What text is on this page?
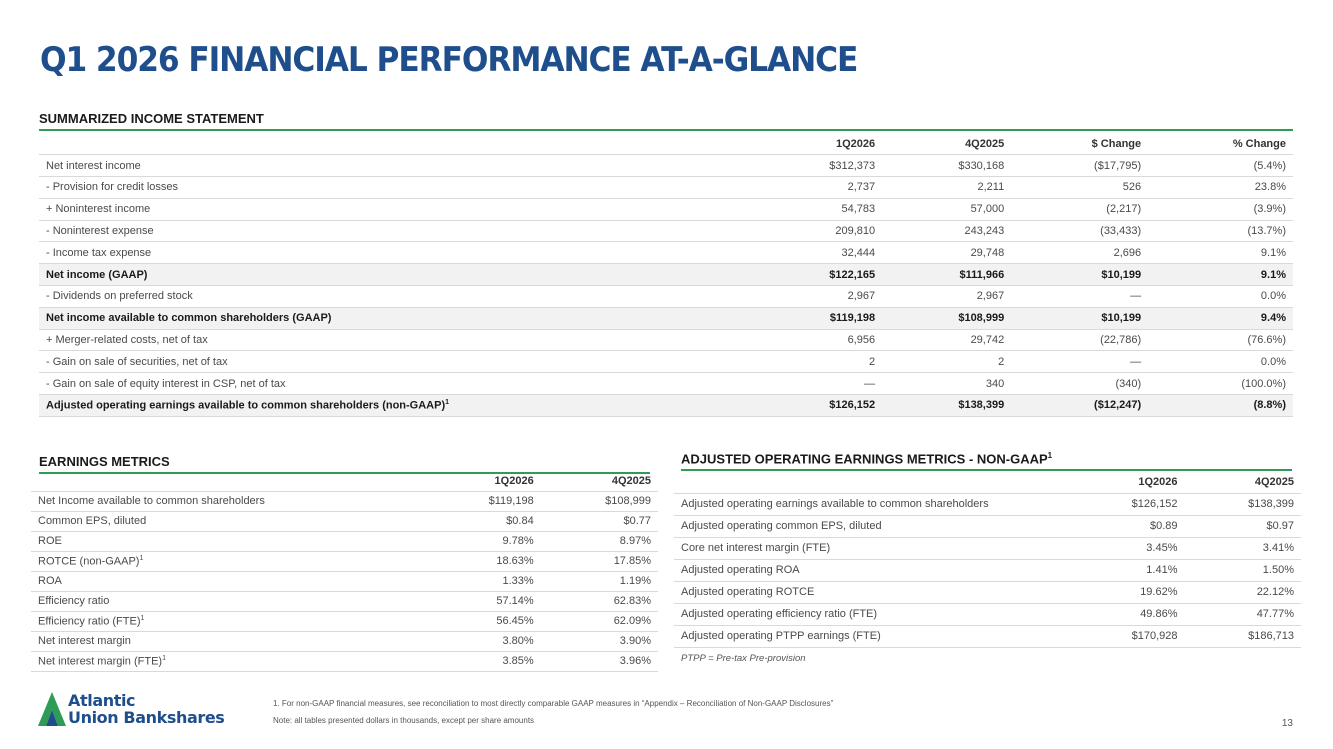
Q1 2026 FINANCIAL PERFORMANCE AT-A-GLANCE
SUMMARIZED INCOME STATEMENT
	1Q2026	4Q2025	$ Change	% Change
Net interest income	$312,373	$330,168	($17,795)	(5.4%)
- Provision for credit losses	2,737	2,211	526	23.8%
+ Noninterest income	54,783	57,000	(2,217)	(3.9%)
- Noninterest expense	209,810	243,243	(33,433)	(13.7%)
- Income tax expense	32,444	29,748	2,696	9.1%
Net income (GAAP)	$122,165	$111,966	$10,199	9.1%
- Dividends on preferred stock	2,967	2,967	—	0.0%
Net income available to common shareholders (GAAP)	$119,198	$108,999	$10,199	9.4%
+ Merger-related costs, net of tax	6,956	29,742	(22,786)	(76.6%)
- Gain on sale of securities, net of tax	2	2	—	0.0%
- Gain on sale of equity interest in CSP, net of tax	—	340	(340)	(100.0%)
Adjusted operating earnings available to common shareholders (non-GAAP)$^1$	$126,152	$138,399	($12,247)	(8.8%)
EARNINGS METRICS
	1Q2026	4Q2025
Net Income available to common shareholders	$119,198	$108,999
Common EPS, diluted	$0.84	$0.77
ROE	9.78%	8.97%
ROTCE (non-GAAP)$^1$	18.63%	17.85%
ROA	1.33%	1.19%
Efficiency ratio	57.14%	62.83%
Efficiency ratio (FTE)$^1$	56.45%	62.09%
Net interest margin	3.80%	3.90%
Net interest margin (FTE)$^1$	3.85%	3.96%
ADJUSTED OPERATING EARNINGS METRICS - NON-GAAP$^1$
	1Q2026	4Q2025
Adjusted operating earnings available to common shareholders	$126,152	$138,399
Adjusted operating common EPS, diluted	$0.89	$0.97
Core net interest margin (FTE)	3.45%	3.41%
Adjusted operating ROA	1.41%	1.50%
Adjusted operating ROTCE	19.62%	22.12%
Adjusted operating efficiency ratio (FTE)	49.86%	47.77%
Adjusted operating PTPP earnings (FTE)	$170,928	$186,713
PTPP = Pre-tax Pre-provision
Atlantic
Union Bankshares
1. For non-GAAP financial measures, see reconciliation to most directly comparable GAAP measures in “Appendix – Reconciliation of Non-GAAP Disclosures”
Note: all tables presented dollars in thousands, except per share amounts	13
